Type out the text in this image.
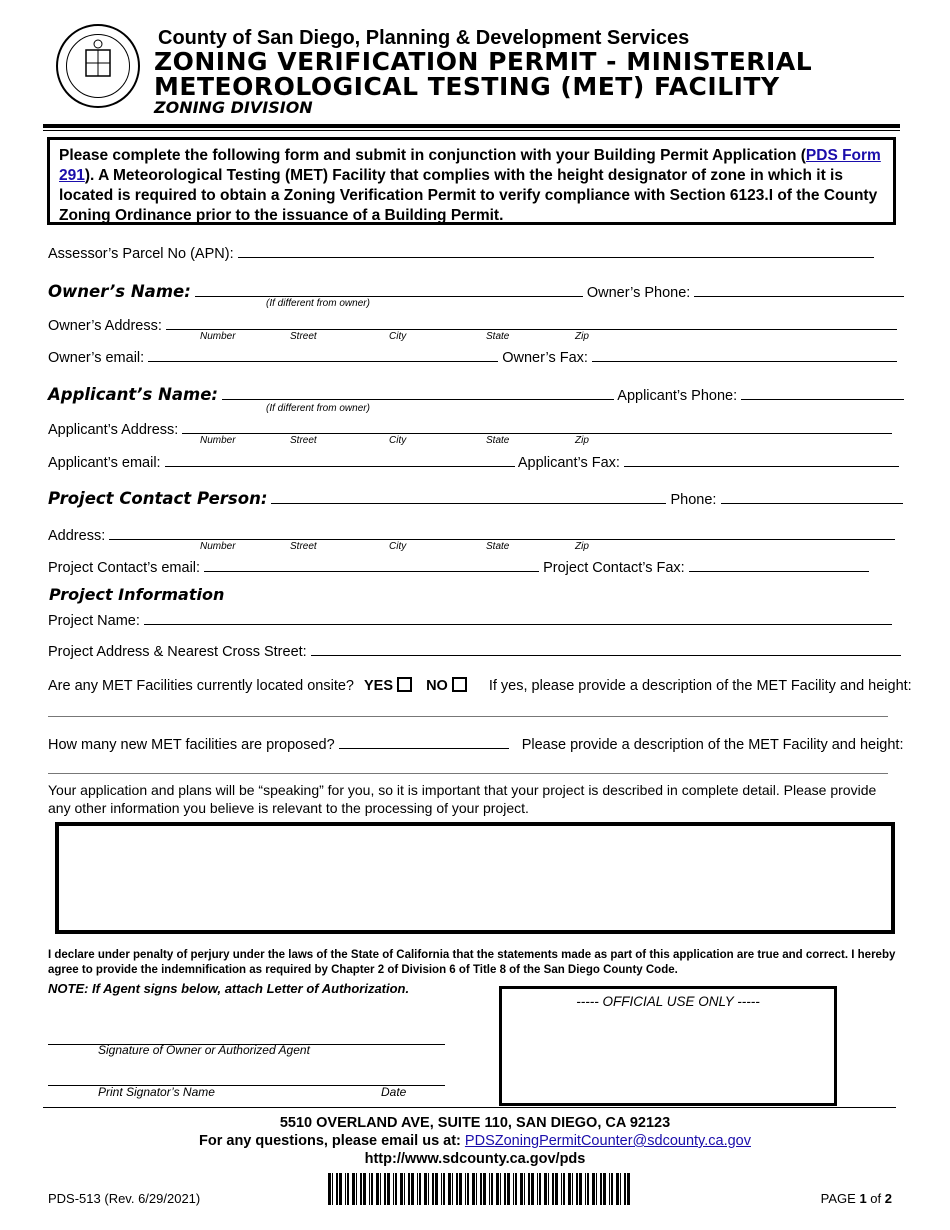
County of San Diego, Planning & Development Services
ZONING VERIFICATION PERMIT - MINISTERIAL
METEOROLOGICAL TESTING (MET) FACILITY
ZONING DIVISION
Please complete the following form and submit in conjunction with your Building Permit Application (PDS Form 291). A Meteorological Testing (MET) Facility that complies with the height designator of zone in which it is located is required to obtain a Zoning Verification Permit to verify compliance with Section 6123.I of the County Zoning Ordinance prior to the issuance of a Building Permit.
Assessor’s Parcel No (APN):
Owner’s Name:	Owner’s Phone:
(If different from owner)
Owner’s Address:
Number	Street	City	State	Zip
Owner’s email:	Owner’s Fax:
Applicant’s Name:	Applicant’s Phone:
(If different from owner)
Applicant’s Address:
Number	Street	City	State	Zip
Applicant’s email:	Applicant’s Fax:
Project Contact Person:	Phone:
Address:
Number	Street	City	State	Zip
Project Contact’s email:	Project Contact’s Fax:
Project Information
Project Name:
Project Address & Nearest Cross Street:
Are any MET Facilities currently located onsite? YES NO	If yes, please provide a description of the MET Facility and height:
How many new MET facilities are proposed?	Please provide a description of the MET Facility and height:
Your application and plans will be “speaking” for you, so it is important that your project is described in complete detail. Please provide any other information you believe is relevant to the processing of your project.
I declare under penalty of perjury under the laws of the State of California that the statements made as part of this application are true and correct. I hereby agree to provide the indemnification as required by Chapter 2 of Division 6 of Title 8 of the San Diego County Code.
NOTE: If Agent signs below, attach Letter of Authorization.
Signature of Owner or Authorized Agent
Print Signator’s Name	Date
----- OFFICIAL USE ONLY -----
5510 OVERLAND AVE, SUITE 110, SAN DIEGO, CA 92123
For any questions, please email us at: PDSZoningPermitCounter@sdcounty.ca.gov
http://www.sdcounty.ca.gov/pds
PDS-513 (Rev. 6/29/2021)	PAGE 1 of 2
